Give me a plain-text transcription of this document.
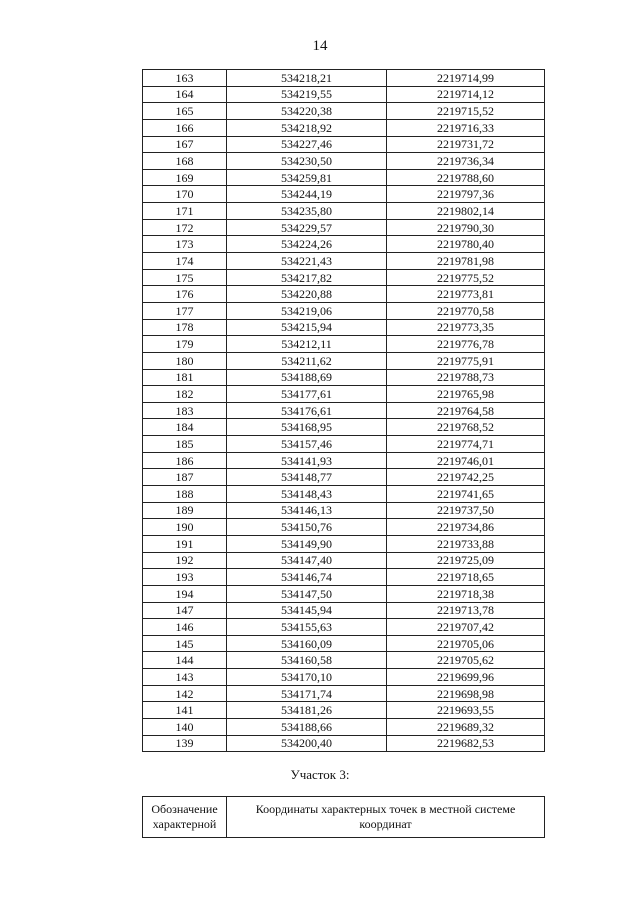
14
163	534218,21	2219714,99
164	534219,55	2219714,12
165	534220,38	2219715,52
166	534218,92	2219716,33
167	534227,46	2219731,72
168	534230,50	2219736,34
169	534259,81	2219788,60
170	534244,19	2219797,36
171	534235,80	2219802,14
172	534229,57	2219790,30
173	534224,26	2219780,40
174	534221,43	2219781,98
175	534217,82	2219775,52
176	534220,88	2219773,81
177	534219,06	2219770,58
178	534215,94	2219773,35
179	534212,11	2219776,78
180	534211,62	2219775,91
181	534188,69	2219788,73
182	534177,61	2219765,98
183	534176,61	2219764,58
184	534168,95	2219768,52
185	534157,46	2219774,71
186	534141,93	2219746,01
187	534148,77	2219742,25
188	534148,43	2219741,65
189	534146,13	2219737,50
190	534150,76	2219734,86
191	534149,90	2219733,88
192	534147,40	2219725,09
193	534146,74	2219718,65
194	534147,50	2219718,38
147	534145,94	2219713,78
146	534155,63	2219707,42
145	534160,09	2219705,06
144	534160,58	2219705,62
143	534170,10	2219699,96
142	534171,74	2219698,98
141	534181,26	2219693,55
140	534188,66	2219689,32
139	534200,40	2219682,53
Участок 3:
Обозначение характерной	Координаты характерных точек в местной системе координат
